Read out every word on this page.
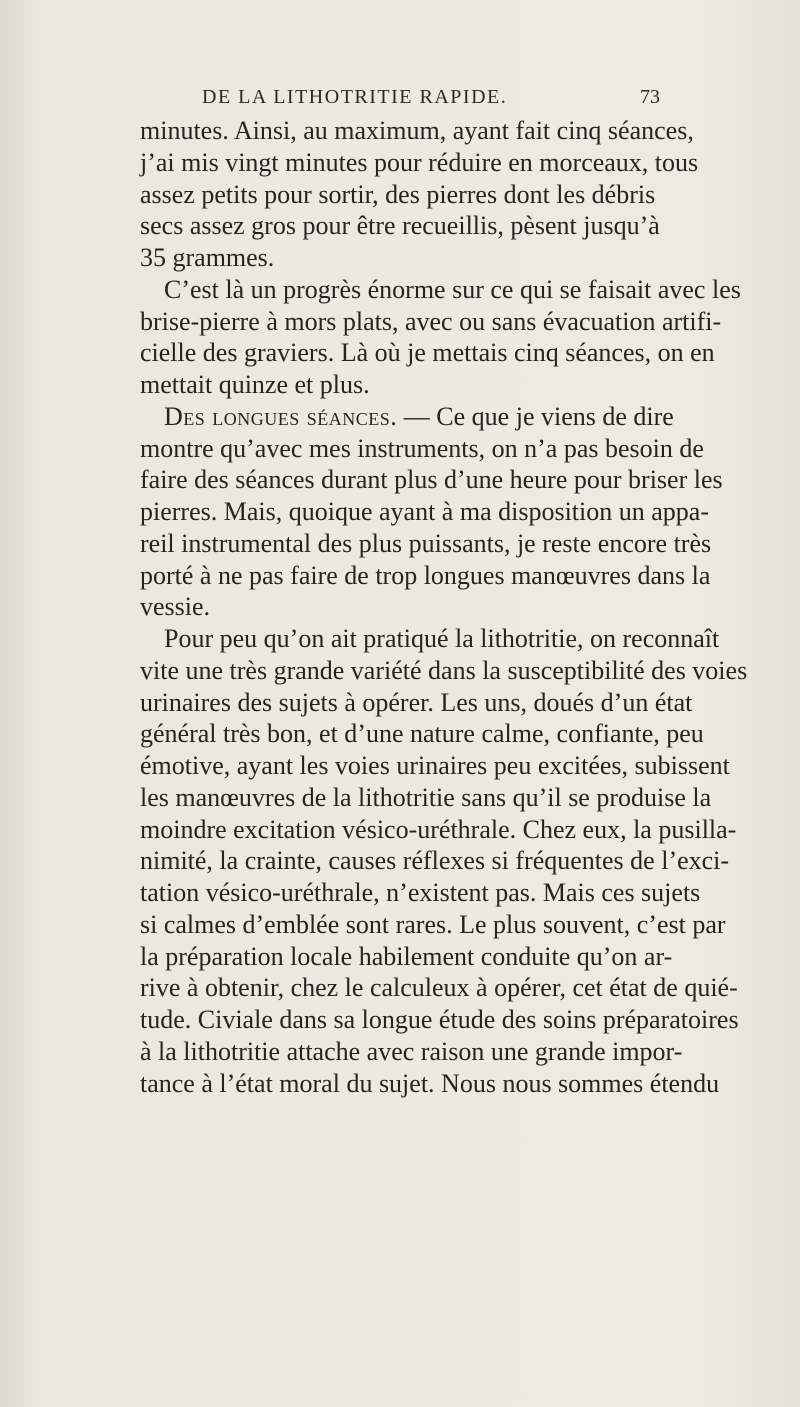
DE LA LITHOTRITIE RAPIDE.	73
minutes. Ainsi, au maximum, ayant fait cinq séances,
j’ai mis vingt minutes pour réduire en morceaux, tous
assez petits pour sortir, des pierres dont les débris
secs assez gros pour être recueillis, pèsent jusqu’à
35 grammes.
C’est là un progrès énorme sur ce qui se faisait avec les
brise-pierre à mors plats, avec ou sans évacuation artifi-
cielle des graviers. Là où je mettais cinq séances, on en
mettait quinze et plus.
Des longues séances. — Ce que je viens de dire
montre qu’avec mes instruments, on n’a pas besoin de
faire des séances durant plus d’une heure pour briser les
pierres. Mais, quoique ayant à ma disposition un appa-
reil instrumental des plus puissants, je reste encore très
porté à ne pas faire de trop longues manœuvres dans la
vessie.
Pour peu qu’on ait pratiqué la lithotritie, on reconnaît
vite une très grande variété dans la susceptibilité des voies
urinaires des sujets à opérer. Les uns, doués d’un état
général très bon, et d’une nature calme, confiante, peu
émotive, ayant les voies urinaires peu excitées, subissent
les manœuvres de la lithotritie sans qu’il se produise la
moindre excitation vésico-uréthrale. Chez eux, la pusilla-
nimité, la crainte, causes réflexes si fréquentes de l’exci-
tation vésico-uréthrale, n’existent pas. Mais ces sujets
si calmes d’emblée sont rares. Le plus souvent, c’est par
la préparation locale habilement conduite qu’on ar-
rive à obtenir, chez le calculeux à opérer, cet état de quié-
tude. Civiale dans sa longue étude des soins préparatoires
à la lithotritie attache avec raison une grande impor-
tance à l’état moral du sujet. Nous nous sommes étendu
